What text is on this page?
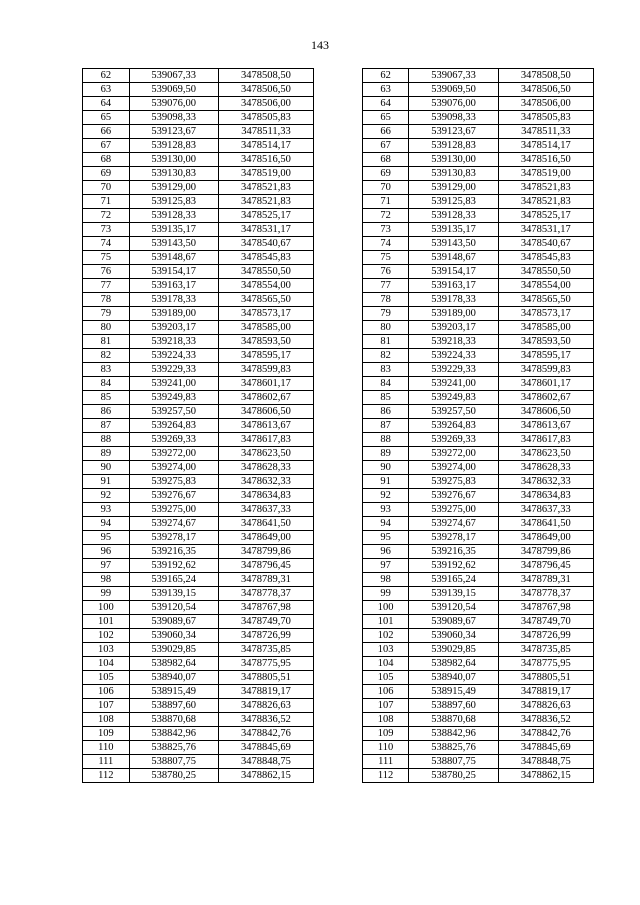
143
62	539067,33	3478508,50		62	539067,33	3478508,50
63	539069,50	3478506,50		63	539069,50	3478506,50
64	539076,00	3478506,00		64	539076,00	3478506,00
65	539098,33	3478505,83		65	539098,33	3478505,83
66	539123,67	3478511,33		66	539123,67	3478511,33
67	539128,83	3478514,17		67	539128,83	3478514,17
68	539130,00	3478516,50		68	539130,00	3478516,50
69	539130,83	3478519,00		69	539130,83	3478519,00
70	539129,00	3478521,83		70	539129,00	3478521,83
71	539125,83	3478521,83		71	539125,83	3478521,83
72	539128,33	3478525,17		72	539128,33	3478525,17
73	539135,17	3478531,17		73	539135,17	3478531,17
74	539143,50	3478540,67		74	539143,50	3478540,67
75	539148,67	3478545,83		75	539148,67	3478545,83
76	539154,17	3478550,50		76	539154,17	3478550,50
77	539163,17	3478554,00		77	539163,17	3478554,00
78	539178,33	3478565,50		78	539178,33	3478565,50
79	539189,00	3478573,17		79	539189,00	3478573,17
80	539203,17	3478585,00		80	539203,17	3478585,00
81	539218,33	3478593,50		81	539218,33	3478593,50
82	539224,33	3478595,17		82	539224,33	3478595,17
83	539229,33	3478599,83		83	539229,33	3478599,83
84	539241,00	3478601,17		84	539241,00	3478601,17
85	539249,83	3478602,67		85	539249,83	3478602,67
86	539257,50	3478606,50		86	539257,50	3478606,50
87	539264,83	3478613,67		87	539264,83	3478613,67
88	539269,33	3478617,83		88	539269,33	3478617,83
89	539272,00	3478623,50		89	539272,00	3478623,50
90	539274,00	3478628,33		90	539274,00	3478628,33
91	539275,83	3478632,33		91	539275,83	3478632,33
92	539276,67	3478634,83		92	539276,67	3478634,83
93	539275,00	3478637,33		93	539275,00	3478637,33
94	539274,67	3478641,50		94	539274,67	3478641,50
95	539278,17	3478649,00		95	539278,17	3478649,00
96	539216,35	3478799,86		96	539216,35	3478799,86
97	539192,62	3478796,45		97	539192,62	3478796,45
98	539165,24	3478789,31		98	539165,24	3478789,31
99	539139,15	3478778,37		99	539139,15	3478778,37
100	539120,54	3478767,98		100	539120,54	3478767,98
101	539089,67	3478749,70		101	539089,67	3478749,70
102	539060,34	3478726,99		102	539060,34	3478726,99
103	539029,85	3478735,85		103	539029,85	3478735,85
104	538982,64	3478775,95		104	538982,64	3478775,95
105	538940,07	3478805,51		105	538940,07	3478805,51
106	538915,49	3478819,17		106	538915,49	3478819,17
107	538897,60	3478826,63		107	538897,60	3478826,63
108	538870,68	3478836,52		108	538870,68	3478836,52
109	538842,96	3478842,76		109	538842,96	3478842,76
110	538825,76	3478845,69		110	538825,76	3478845,69
111	538807,75	3478848,75		111	538807,75	3478848,75
112	538780,25	3478862,15		112	538780,25	3478862,15
